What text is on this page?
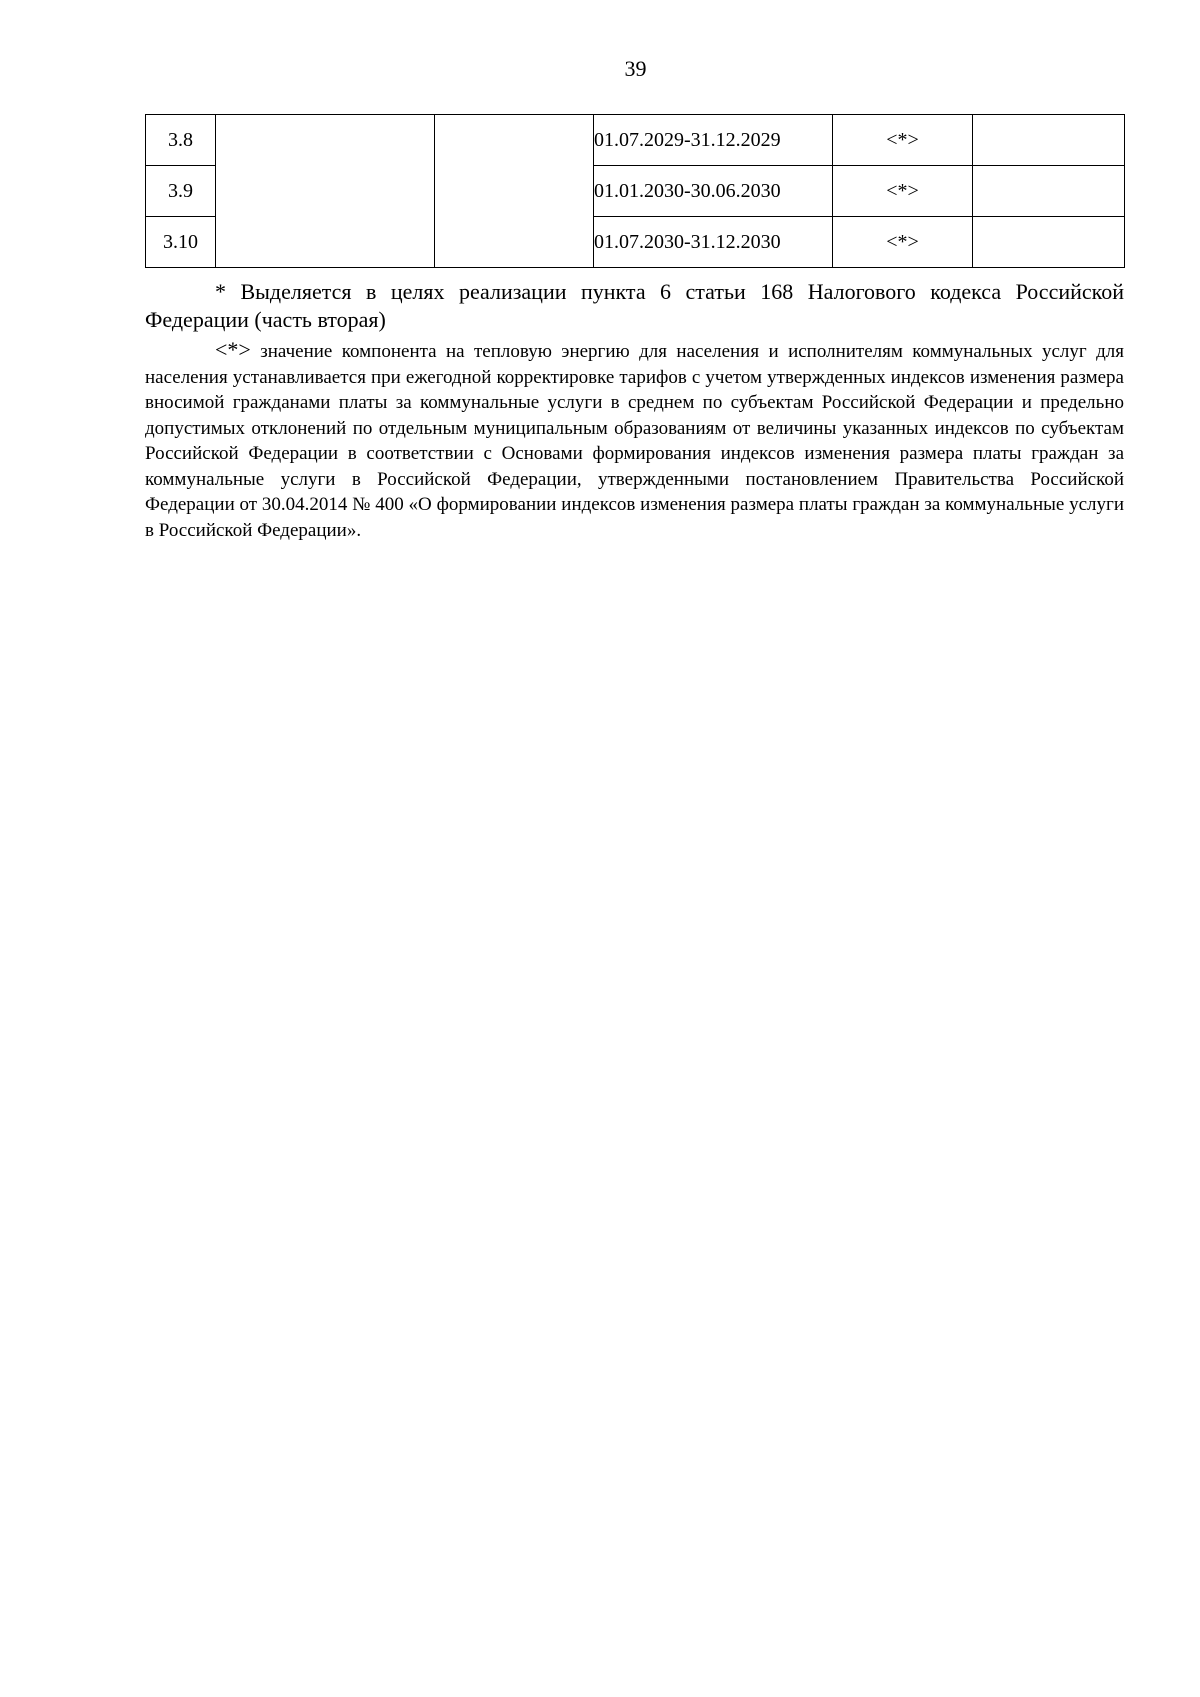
39
3.8			01.07.2029-31.12.2029	<*>	
3.9			01.01.2030-30.06.2030	<*>	
3.10			01.07.2030-31.12.2030	<*>	

* Выделяется в целях реализации пункта 6 статьи 168 Налогового кодекса Российской Федерации (часть вторая)

<*> значение компонента на тепловую энергию для населения и исполнителям коммунальных услуг для населения устанавливается при ежегодной корректировке тарифов с учетом утвержденных индексов изменения размера вносимой гражданами платы за коммунальные услуги в среднем по субъектам Российской Федерации и предельно допустимых отклонений по отдельным муниципальным образованиям от величины указанных индексов по субъектам Российской Федерации в соответствии с Основами формирования индексов изменения размера платы граждан за коммунальные услуги в Российской Федерации, утвержденными постановлением Правительства Российской Федерации от 30.04.2014 № 400 «О формировании индексов изменения размера платы граждан за коммунальные услуги в Российской Федерации».
